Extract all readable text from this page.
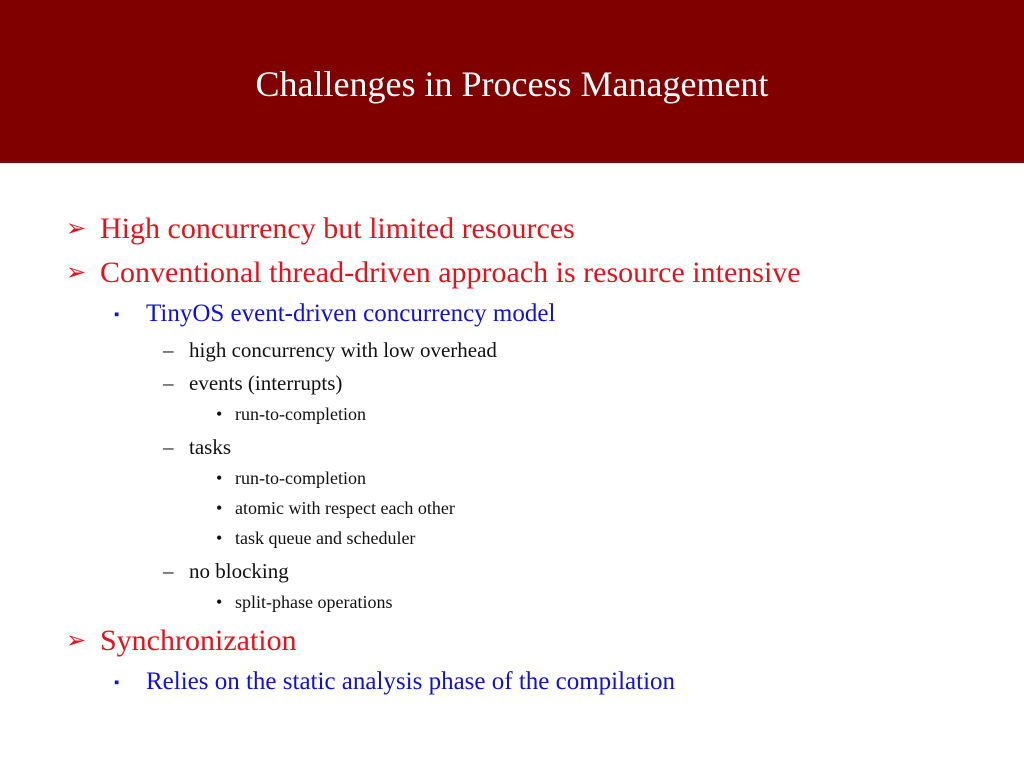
Challenges in Process Management
➢ High concurrency but limited resources
➢ Conventional thread-driven approach is resource intensive
▪ TinyOS event-driven concurrency model
– high concurrency with low overhead
– events (interrupts)
• run-to-completion
– tasks
• run-to-completion
• atomic with respect each other
• task queue and scheduler
– no blocking
• split-phase operations
➢ Synchronization
▪ Relies on the static analysis phase of the compilation
